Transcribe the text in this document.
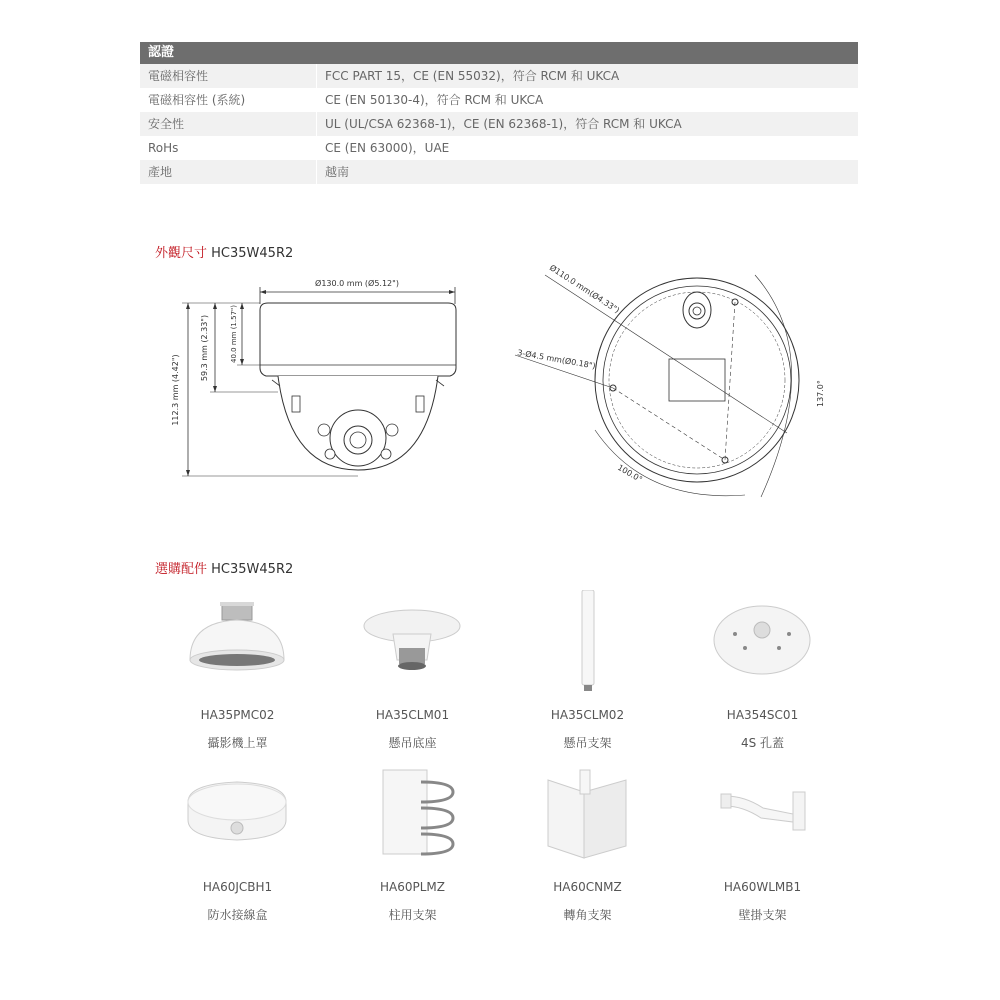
認證
電磁相容性	FCC PART 15，CE (EN 55032)，符合 RCM 和 UKCA
電磁相容性 (系統)	CE (EN 50130-4)，符合 RCM 和 UKCA
安全性	UL (UL/CSA 62368-1)，CE (EN 62368-1)，符合 RCM 和 UKCA
RoHs	CE (EN 63000)，UAE
產地	越南
外觀尺寸 HC35W45R2
Ø130.0 mm (Ø5.12")
112.3 mm (4.42")
59.3 mm (2.33")	40.0 mm (1.57")
Ø110.0 mm(Ø4.33")
3-Ø4.5 mm(Ø0.18")
100.0°
137.0°
選購配件 HC35W45R2
HA35PMC02
攝影機上罩
HA35CLM01
懸吊底座
HA35CLM02
懸吊支架
HA354SC01
4S 孔蓋
HA60JCBH1
防水接線盒
HA60PLMZ
柱用支架
HA60CNMZ
轉角支架
HA60WLMB1
壁掛支架
